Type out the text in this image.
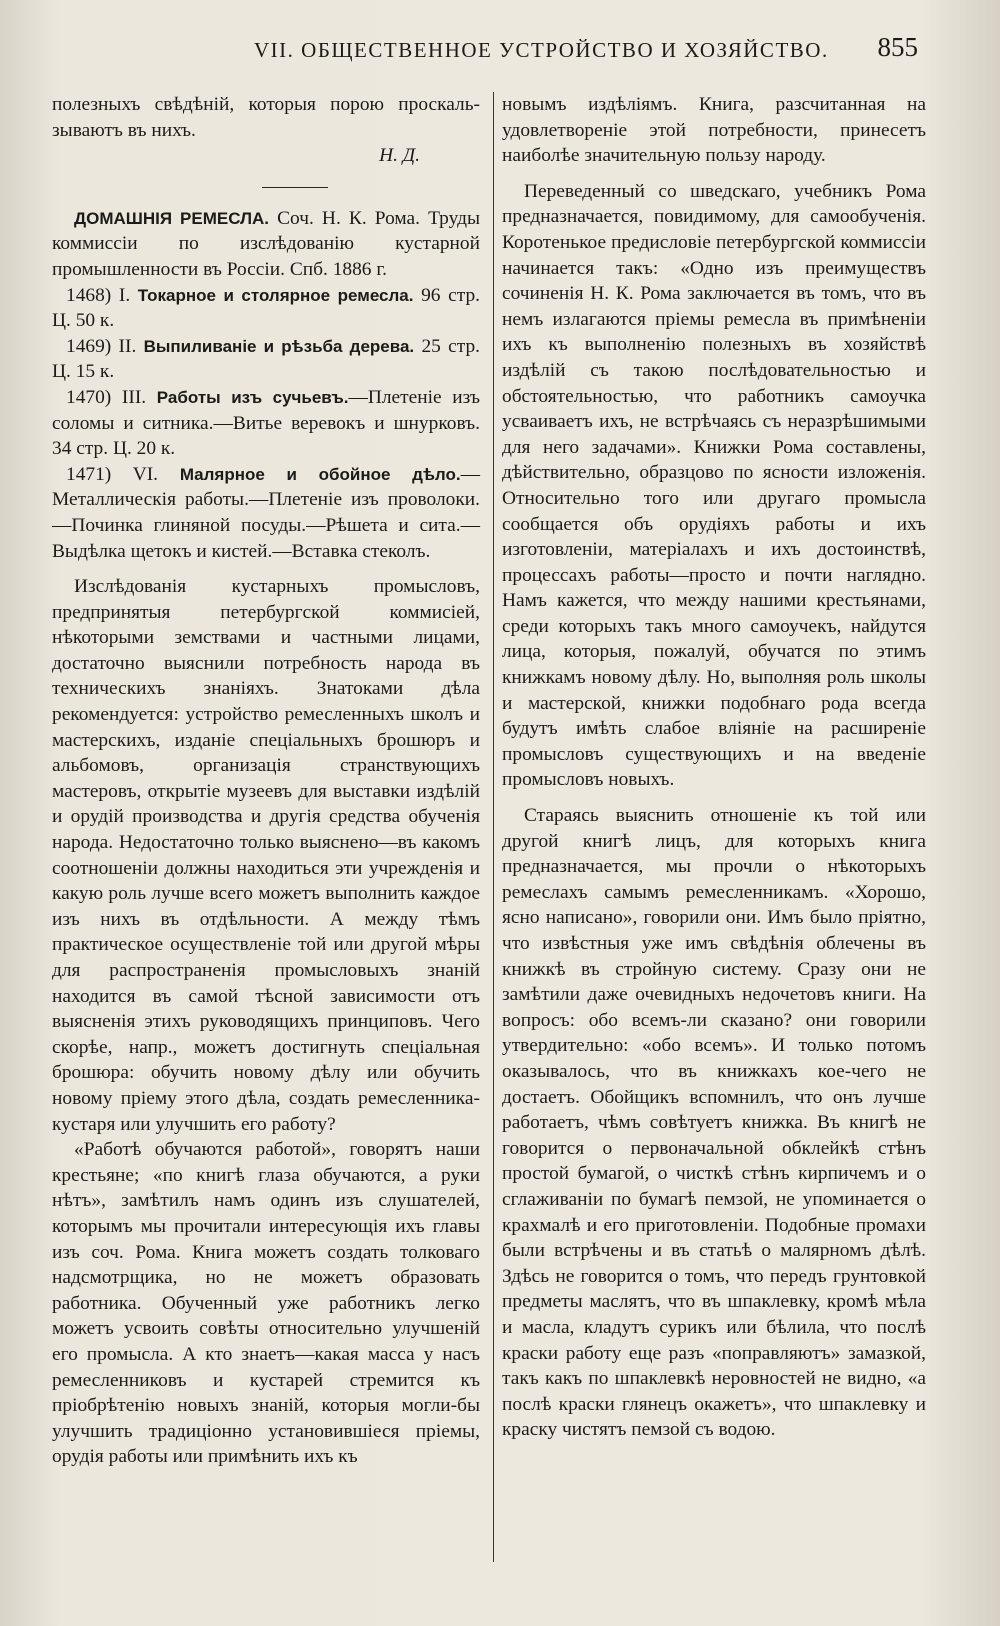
VII. ОБЩЕСТВЕННОЕ УСТРОЙСТВО И ХОЗЯЙСТВО. 855

полезныхъ свѣдѣній, которыя порою проскаль- зываютъ въ нихъ.

Н. Д.

ДОМАШНІЯ РЕМЕСЛА. Соч. Н. К. Рома. Труды коммиссіи по изслѣдованію кустарной промышленности въ Россіи. Спб. 1886 г.

1468) I. Токарное и столярное ремесла. 96 стр. Ц. 50 к.

1469) II. Выпиливаніе и рѣзьба дерева. 25 стр. Ц. 15 к.

1470) III. Работы изъ сучьевъ.—Плетеніе изъ соломы и ситника.—Витье веревокъ и шнурковъ. 34 стр. Ц. 20 к.

1471) VI. Малярное и обойное дѣло.—Металлическія работы.—Плетеніе изъ проволоки.—Починка глиняной посуды.—Рѣшета и сита.—Выдѣлка щетокъ и кистей.—Вставка стеколъ.

Изслѣдованія кустарныхъ промысловъ, предпринятыя петербургской коммисіей, нѣкоторыми земствами и частными лицами, достаточно выяснили потребность народа въ техническихъ знаніяхъ. Знатоками дѣла рекомендуется: устройство ремесленныхъ школъ и мастерскихъ, изданіе спеціальныхъ брошюръ и альбомовъ, организація странствующихъ мастеровъ, открытіе музеевъ для выставки издѣлій и орудій производства и другія средства обученія народа. Недостаточно только выяснено—въ какомъ соотношеніи должны находиться эти учрежденія и какую роль лучше всего можетъ выполнить каждое изъ нихъ въ отдѣльности. А между тѣмъ практическое осуществленіе той или другой мѣры для распространенія промысловыхъ знаній находится въ самой тѣсной зависимости отъ выясненія этихъ руководящихъ принциповъ. Чего скорѣе, напр., можетъ достигнуть спеціальная брошюра: обучить новому дѣлу или обучить новому пріему этого дѣла, создать ремесленника-кустаря или улучшить его работу?

«Работѣ обучаются работой», говорятъ наши крестьяне; «по книгѣ глаза обучаются, а руки нѣтъ», замѣтилъ намъ одинъ изъ слушателей, которымъ мы прочитали интересующія ихъ главы изъ соч. Рома. Книга можетъ создать толковаго надсмотрщика, но не можетъ образовать работника. Обученный уже работникъ легко можетъ усвоить совѣты относительно улучшеній его промысла. А кто знаетъ—какая масса у насъ ремесленниковъ и кустарей стремится къ пріобрѣтенію новыхъ знаній, которыя могли-бы улучшить традиціонно установившіеся пріемы, орудія работы или примѣнить ихъ къ

новымъ издѣліямъ. Книга, разсчитанная на удовлетвореніе этой потребности, принесетъ наиболѣе значительную пользу народу.

Переведенный со шведскаго, учебникъ Рома предназначается, повидимому, для самообученія. Коротенькое предисловіе петербургской коммиссіи начинается такъ: «Одно изъ преимуществъ сочиненія Н. К. Рома заключается въ томъ, что въ немъ излагаются пріемы ремесла въ примѣненіи ихъ къ выполненію полезныхъ въ хозяйствѣ издѣлій съ такою послѣдовательностью и обстоятельностью, что работникъ самоучка усваиваетъ ихъ, не встрѣчаясь съ неразрѣшимыми для него задачами». Книжки Рома составлены, дѣйствительно, образцово по ясности изложенія. Относительно того или другаго промысла сообщается объ орудіяхъ работы и ихъ изготовленіи, матеріалахъ и ихъ достоинствѣ, процессахъ работы—просто и почти наглядно. Намъ кажется, что между нашими крестьянами, среди которыхъ такъ много самоучекъ, найдутся лица, которыя, пожалуй, обучатся по этимъ книжкамъ новому дѣлу. Но, выполняя роль школы и мастерской, книжки подобнаго рода всегда будутъ имѣть слабое вліяніе на расширеніе промысловъ существующихъ и на введеніе промысловъ новыхъ.

Стараясь выяснить отношеніе къ той или другой книгѣ лицъ, для которыхъ книга предназначается, мы прочли о нѣкоторыхъ ремеслахъ самымъ ремесленникамъ. «Хорошо, ясно написано», говорили они. Имъ было пріятно, что извѣстныя уже имъ свѣдѣнія облечены въ книжкѣ въ стройную систему. Сразу они не замѣтили даже очевидныхъ недочетовъ книги. На вопросъ: обо всемъ-ли сказано? они говорили утвердительно: «обо всемъ». И только потомъ оказывалось, что въ книжкахъ кое-чего не достаетъ. Обойщикъ вспомнилъ, что онъ лучше работаетъ, чѣмъ совѣтуетъ книжка. Въ книгѣ не говорится о первоначальной обклейкѣ стѣнъ простой бумагой, о чисткѣ стѣнъ кирпичемъ и о сглаживаніи по бумагѣ пемзой, не упоминается о крахмалѣ и его приготовленіи. Подобные промахи были встрѣчены и въ статьѣ о малярномъ дѣлѣ. Здѣсь не говорится о томъ, что передъ грунтовкой предметы маслятъ, что въ шпаклевку, кромѣ мѣла и масла, кладутъ сурикъ или бѣлила, что послѣ краски работу еще разъ «поправляютъ» замазкой, такъ какъ по шпаклевкѣ неровностей не видно, «а послѣ краски глянецъ окажетъ», что шпаклевку и краску чистятъ пемзой съ водою.
